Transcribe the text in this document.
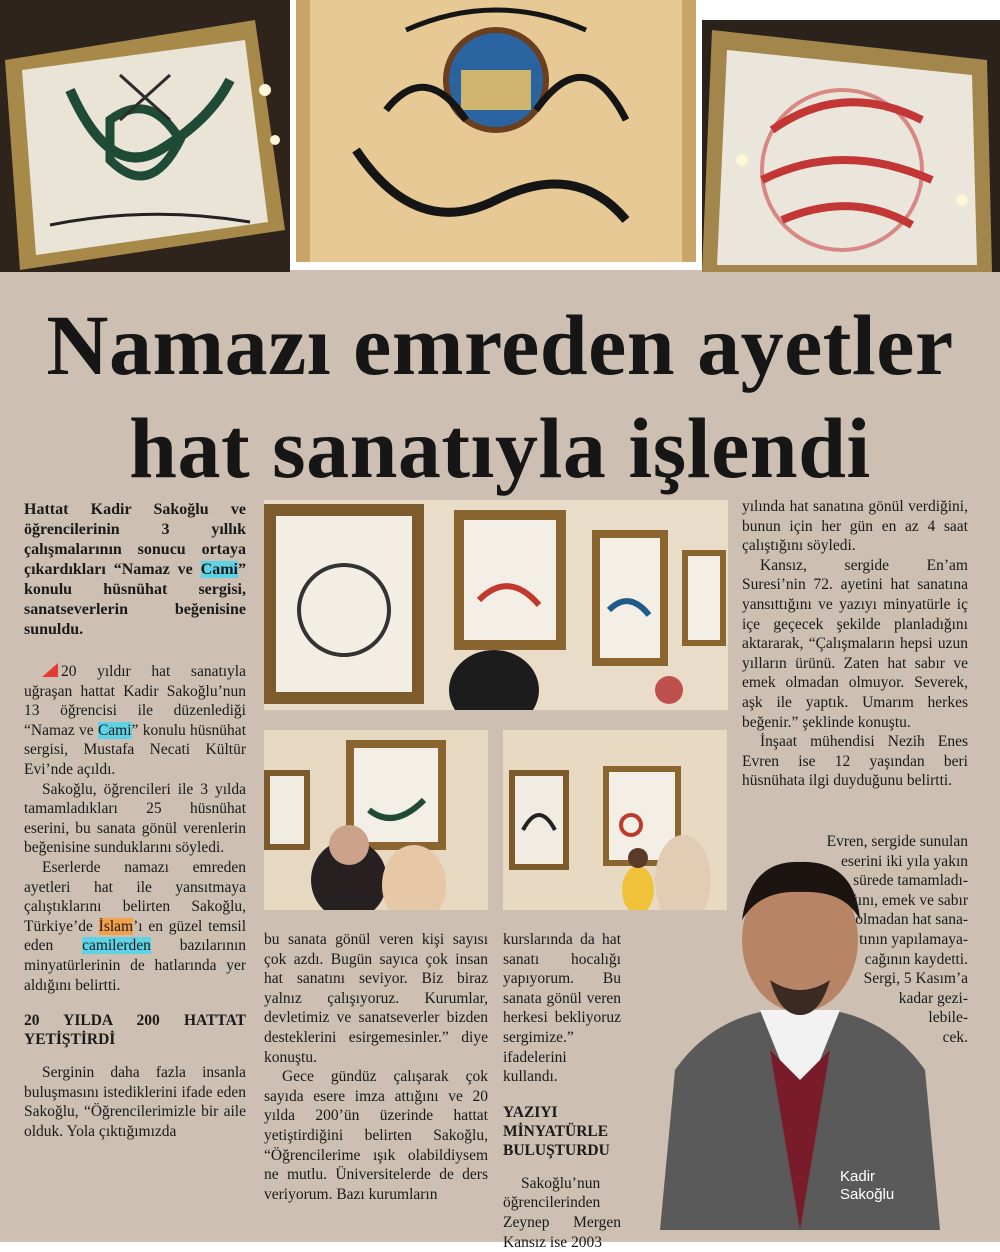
Namazı emreden ayetler
hat sanatıyla işlendi
Kadir
Sakoğlu

Hattat Kadir Sakoğlu ve öğrencilerinin 3 yıllık çalışmalarının sonucu ortaya çıkardıkları “Namaz ve Cami” konulu hüsnühat sergisi, sanatseverlerin beğenisine sunuldu.

20 yıldır hat sanatıyla uğraşan hattat Kadir Sakoğlu’nun 13 öğrencisi ile düzenlediği “Namaz ve Cami” konulu hüsnühat sergisi, Mustafa Necati Kültür Evi’nde açıldı.

Sakoğlu, öğrencileri ile 3 yılda tamamladıkları 25 hüsnühat eserini, bu sanata gönül verenlerin beğenisine sunduklarını söyledi.

Eserlerde namazı emreden ayetleri hat ile yansıtmaya çalıştıklarını belirten Sakoğlu, Türkiye’de İslam’ı en güzel temsil eden camilerden bazılarının minyatürlerinin de hatlarında yer aldığını belirtti.

20 YILDA 200 HATTAT YETİŞTİRDİ

Serginin daha fazla insanla buluşmasını istediklerini ifade eden Sakoğlu, “Öğrencilerimizle bir aile olduk. Yola çıktığımızda

bu sanata gönül veren kişi sayısı çok azdı. Bugün sayıca çok insan hat sanatını seviyor. Biz biraz yalnız çalışıyoruz. Kurumlar, devletimiz ve sanatseverler bizden desteklerini esirgemesinler.” diye konuştu.

Gece gündüz çalışarak çok sayıda esere imza attığını ve 20 yılda 200’ün üzerinde hattat yetiştirdiğini belirten Sakoğlu, “Öğrencilerime ışık olabildiysem ne mutlu. Üniversitelerde de ders veriyorum. Bazı kurumların

kurslarında da hat sanatı hocalığı yapıyorum. Bu sanata gönül veren herkesi bekliyoruz sergimize.” ifadelerini kullandı.

YAZIYI MİNYATÜRLE BULUŞTURDU

Sakoğlu’nun öğrencilerinden Zeynep Mergen Kansız ise 2003

yılında hat sanatına gönül verdiğini, bunun için her gün en az 4 saat çalıştığını söyledi.

Kansız, sergide En’am Suresi’nin 72. ayetini hat sanatına yansıttığını ve yazıyı minyatürle iç içe geçecek şekilde planladığını aktararak, “Çalışmaların hepsi uzun yılların ürünü. Zaten hat sabır ve emek olmadan olmuyor. Severek, aşk ile yaptık. Umarım herkes beğenir.” şeklinde konuştu.

İnşaat mühendisi Nezih Enes Evren ise 12 yaşından beri hüsnühata ilgi duyduğunu belirtti.

Evren, sergide sunulan
eserini iki yıla yakın
sürede tamamladı-
ğını, emek ve sabır
olmadan hat sana-
tının yapılamaya-
cağının kaydetti.
Sergi, 5 Kasım’a
kadar gezi-
lebile-
cek.
